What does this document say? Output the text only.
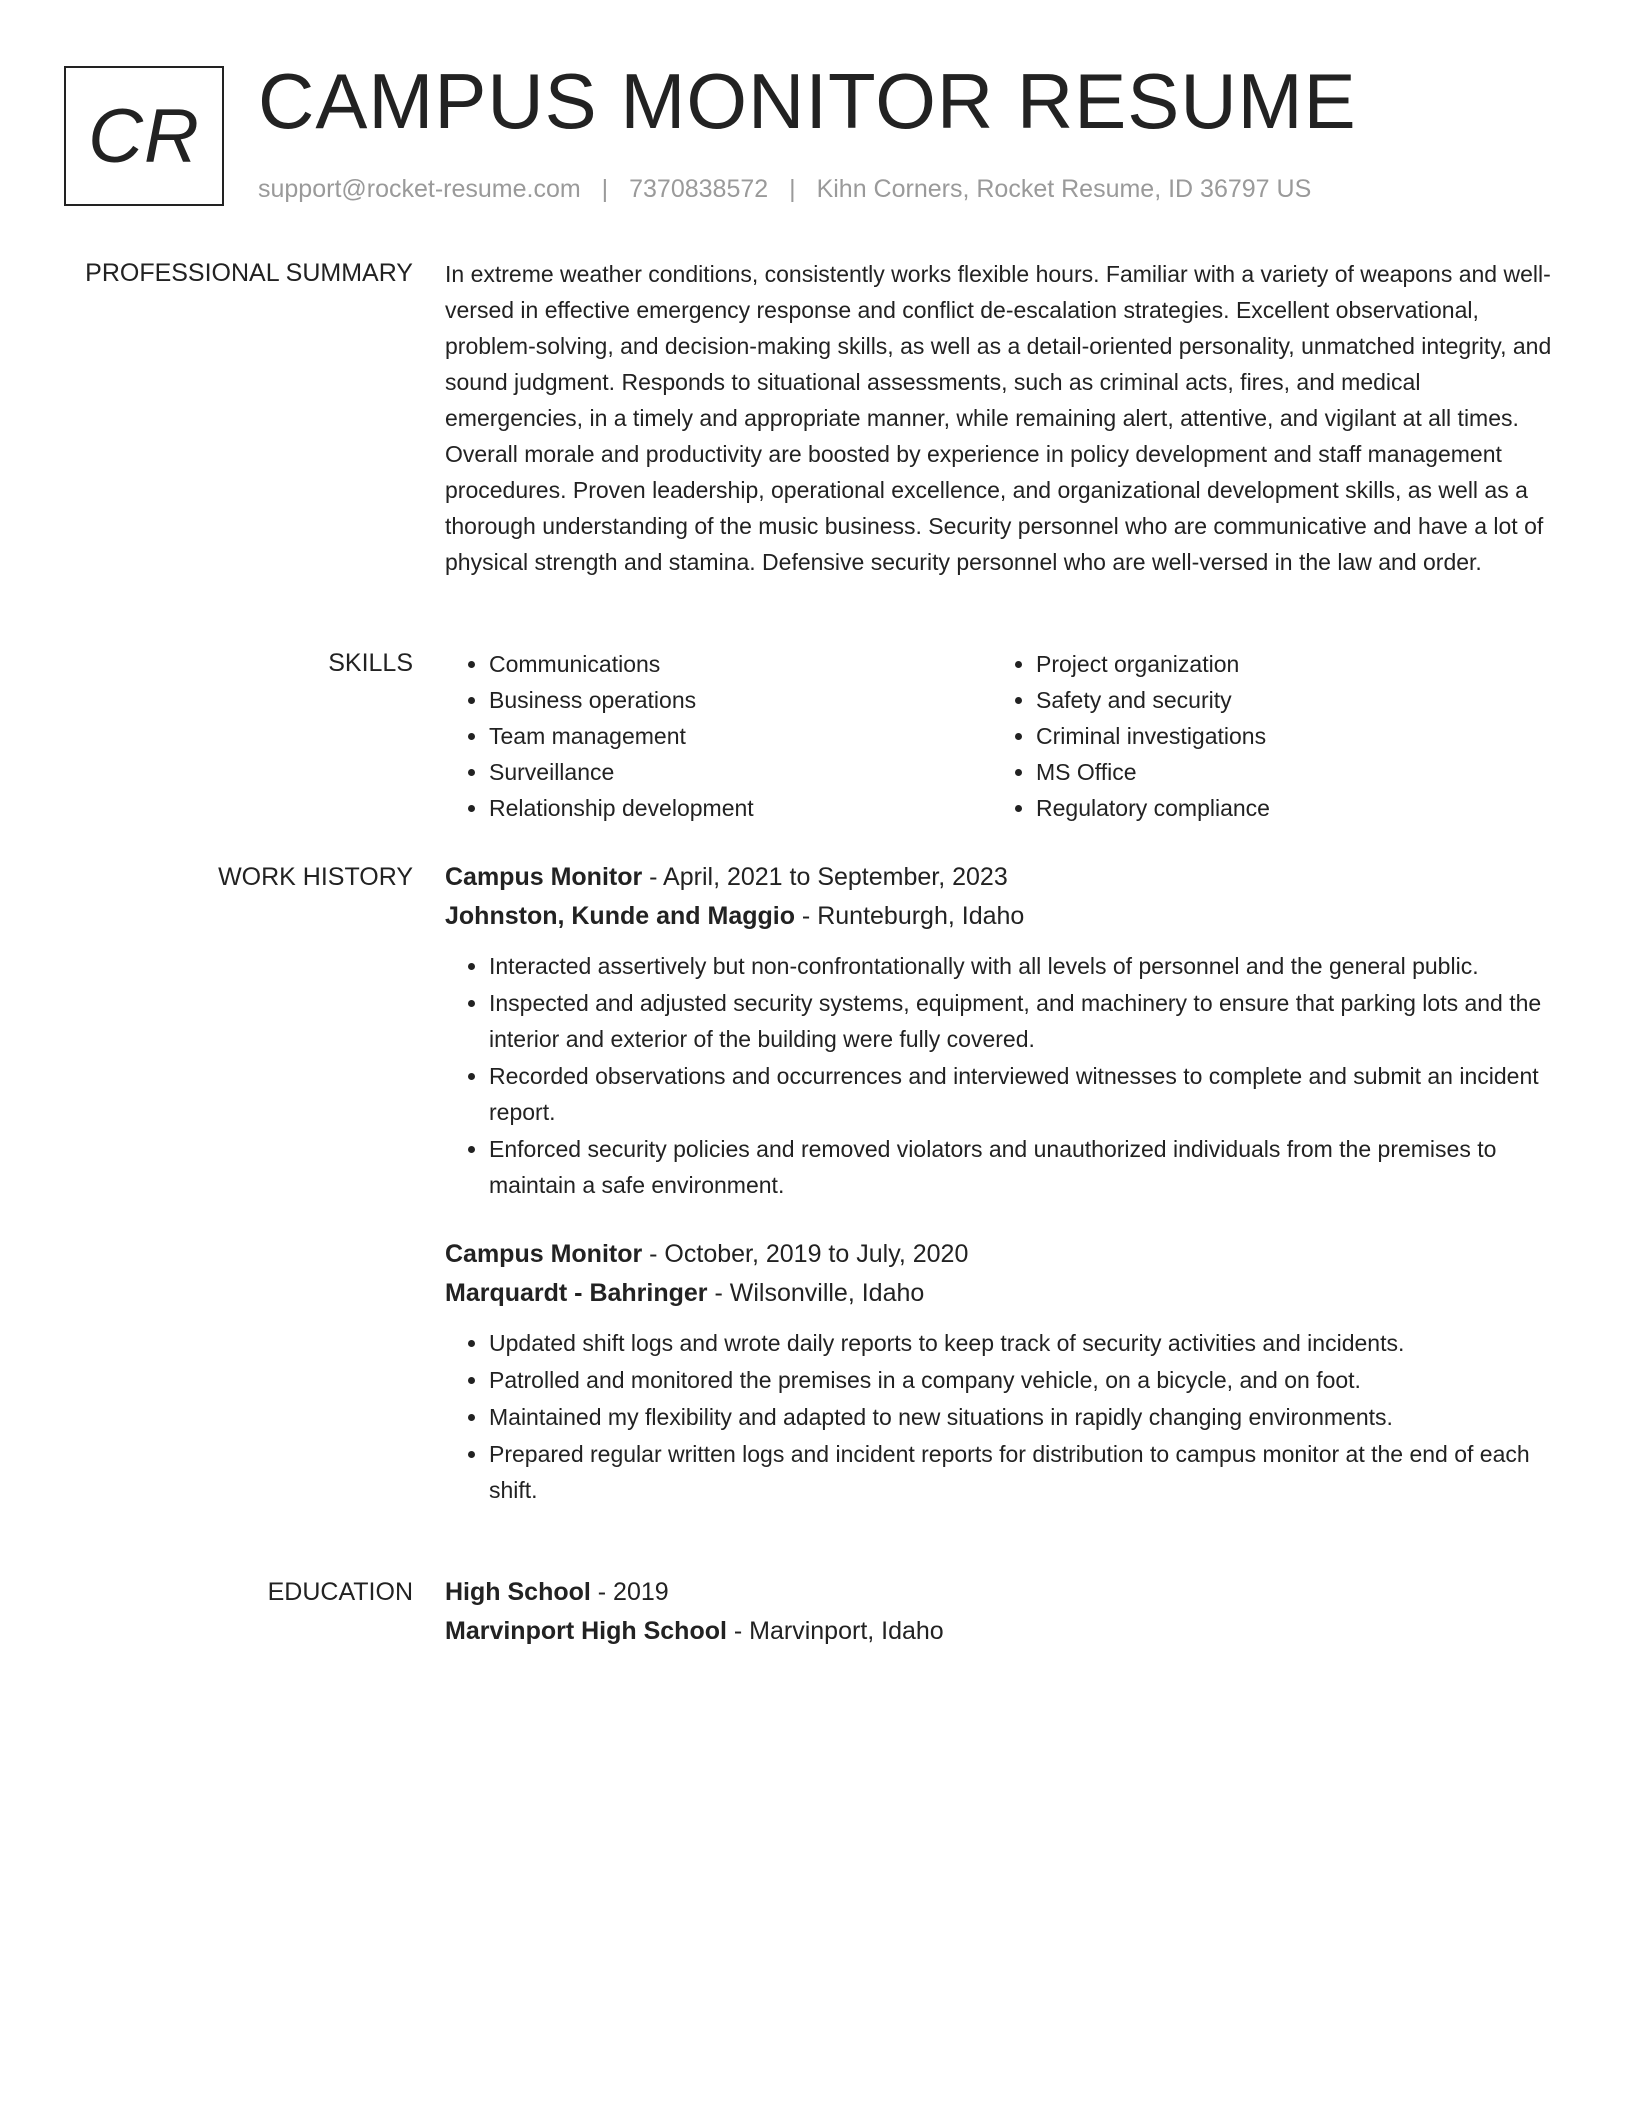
CR CAMPUS MONITOR RESUME
support@rocket-resume.com | 7370838572 | Kihn Corners, Rocket Resume, ID 36797 US
PROFESSIONAL SUMMARY In extreme weather conditions, consistently works flexible hours. Familiar with a variety of weapons and well-versed in effective emergency response and conflict de-escalation strategies. Excellent observational, problem-solving, and decision-making skills, as well as a detail-oriented personality, unmatched integrity, and sound judgment. Responds to situational assessments, such as criminal acts, fires, and medical emergencies, in a timely and appropriate manner, while remaining alert, attentive, and vigilant at all times. Overall morale and productivity are boosted by experience in policy development and staff management procedures. Proven leadership, operational excellence, and organizational development skills, as well as a thorough understanding of the music business. Security personnel who are communicative and have a lot of physical strength and stamina. Defensive security personnel who are well-versed in the law and order.

SKILLS
•	Communications
• Business operations
• Team management
• Surveillance
• Relationship development
• Project organization
• Safety and security
• Criminal investigations
• MS Office
• Regulatory compliance
WORK HISTORY Campus Monitor - April, 2021 to September, 2023
Johnston, Kunde and Maggio - Runteburgh, Idaho
• Interacted assertively but non-confrontationally with all levels of personnel and the general public.
• Inspected and adjusted security systems, equipment, and machinery to ensure that parking lots and the interior and exterior of the building were fully covered.
• Recorded observations and occurrences and interviewed witnesses to complete and submit an incident report.
• Enforced security policies and removed violators and unauthorized individuals from the premises to maintain a safe environment.
Campus Monitor - October, 2019 to July, 2020
Marquardt - Bahringer - Wilsonville, Idaho
• Updated shift logs and wrote daily reports to keep track of security activities and incidents.
• Patrolled and monitored the premises in a company vehicle, on a bicycle, and on foot.
• Maintained my flexibility and adapted to new situations in rapidly changing environments.
• Prepared regular written logs and incident reports for distribution to campus monitor at the end of each shift.
EDUCATION High School - 2019
Marvinport High School - Marvinport, Idaho
